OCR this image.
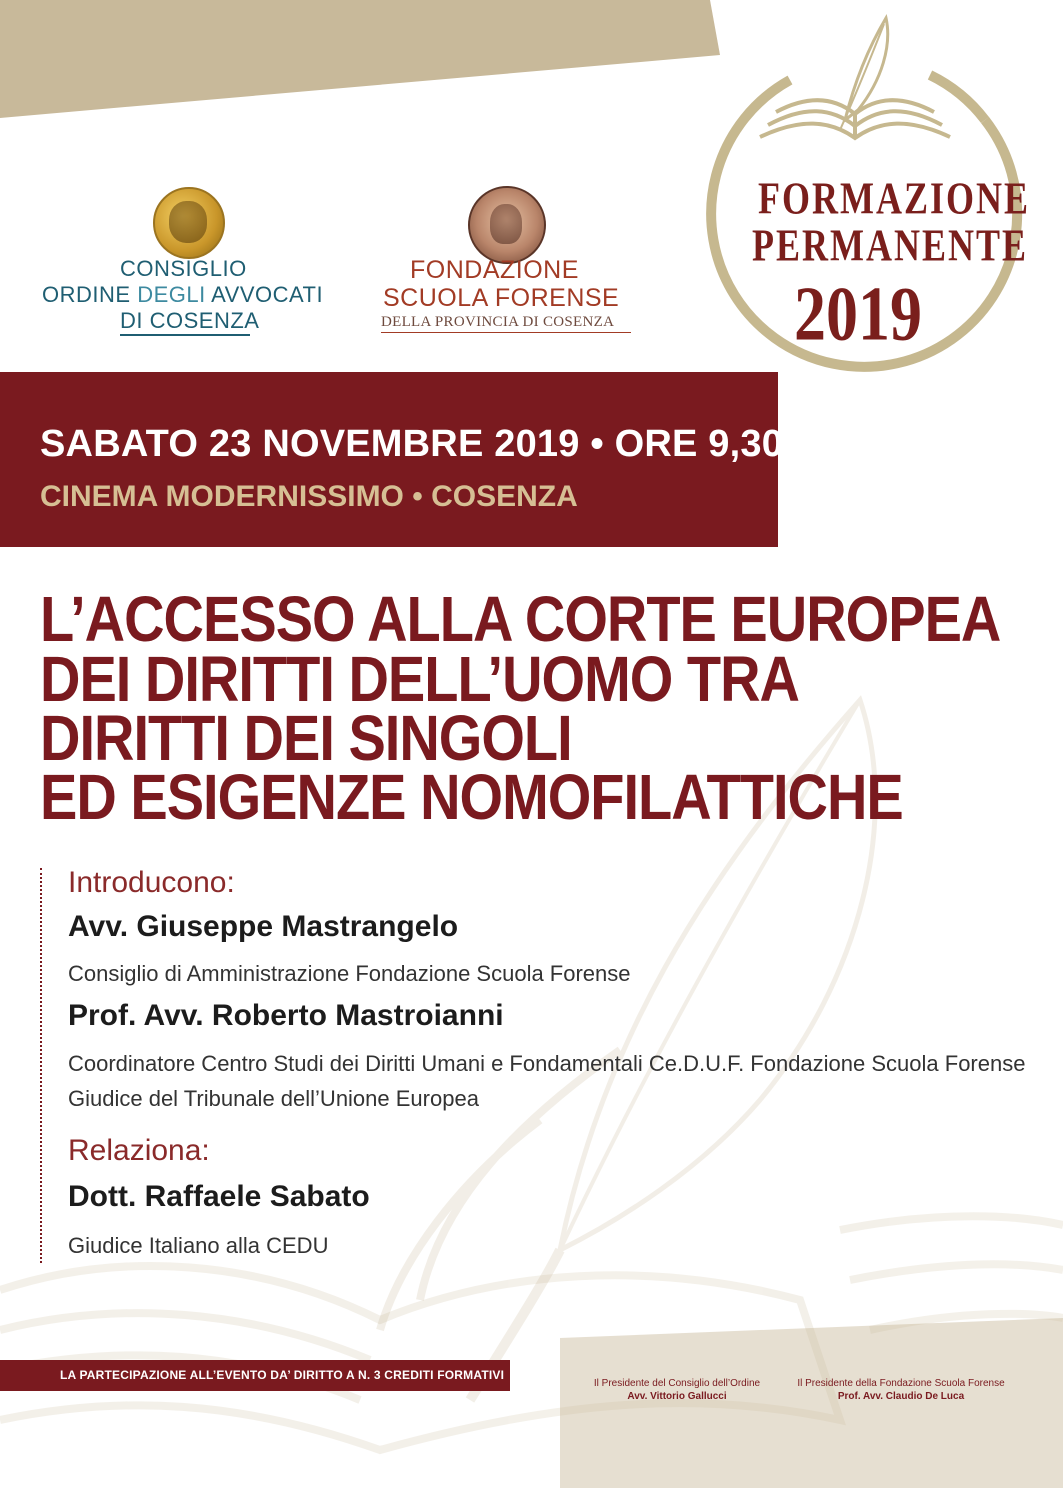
CONSIGLIO
ORDINE DEGLI AVVOCATI
DI COSENZA
FONDAZIONE
SCUOLA FORENSE
DELLA PROVINCIA DI COSENZA
FORMAZIONE
PERMANENTE
2019
SABATO 23 NOVEMBRE 2019 • ORE 9,30
CINEMA MODERNISSIMO • COSENZA
L’ACCESSO ALLA CORTE EUROPEA
DEI DIRITTI DELL’UOMO TRA
DIRITTI DEI SINGOLI
ED ESIGENZE NOMOFILATTICHE
Introducono:
Avv. Giuseppe Mastrangelo
Consiglio di Amministrazione Fondazione Scuola Forense
Prof. Avv. Roberto Mastroianni
Coordinatore Centro Studi dei Diritti Umani e Fondamentali Ce.D.U.F. Fondazione Scuola Forense
Giudice del Tribunale dell’Unione Europea
Relaziona:
Dott. Raffaele Sabato
Giudice Italiano alla CEDU
LA PARTECIPAZIONE ALL’EVENTO DA’ DIRITTO A N. 3 CREDITI FORMATIVI
Il Presidente del Consiglio dell’Ordine
Avv. Vittorio Gallucci
Il Presidente della Fondazione Scuola Forense
Prof. Avv. Claudio De Luca
